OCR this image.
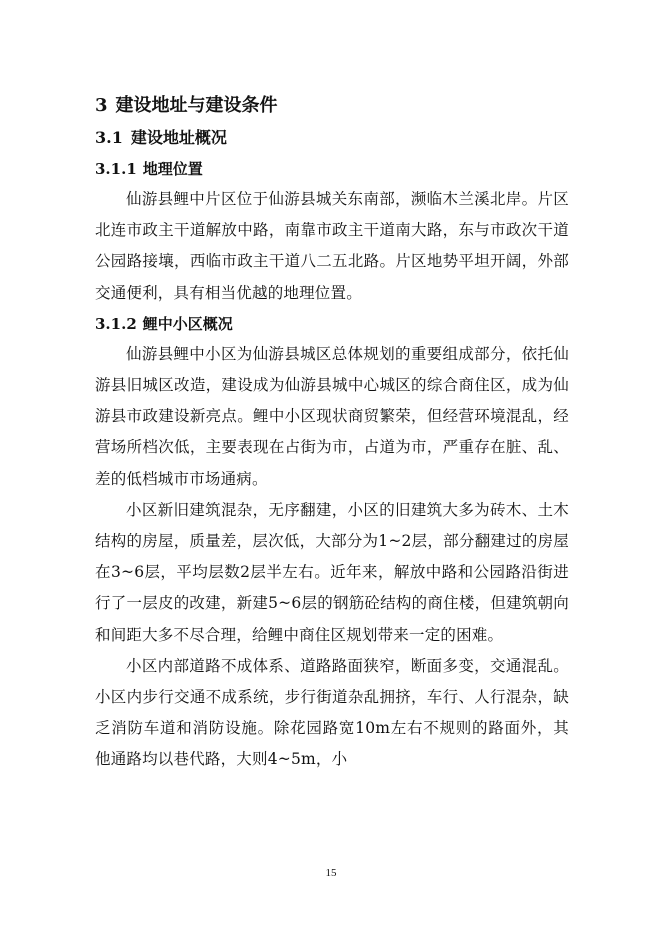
3 建设地址与建设条件
3.1 建设地址概况
3.1.1 地理位置

仙游县鲤中片区位于仙游县城关东南部，濒临木兰溪北岸。片区北连市政主干道解放中路，南靠市政主干道南大路，东与市政次干道公园路接壤，西临市政主干道八二五北路。片区地势平坦开阔，外部交通便利，具有相当优越的地理位置。

3.1.2 鲤中小区概况

仙游县鲤中小区为仙游县城区总体规划的重要组成部分，依托仙游县旧城区改造，建设成为仙游县城中心城区的综合商住区，成为仙游县市政建设新亮点。鲤中小区现状商贸繁荣，但经营环境混乱，经营场所档次低，主要表现在占街为市，占道为市，严重存在脏、乱、差的低档城市市场通病。

小区新旧建筑混杂，无序翻建，小区的旧建筑大多为砖木、土木结构的房屋，质量差，层次低，大部分为1~2层，部分翻建过的房屋在3~6层，平均层数2层半左右。近年来，解放中路和公园路沿街进行了一层皮的改建，新建5~6层的钢筋砼结构的商住楼，但建筑朝向和间距大多不尽合理，给鲤中商住区规划带来一定的困难。

小区内部道路不成体系、道路路面狭窄，断面多变，交通混乱。小区内步行交通不成系统，步行街道杂乱拥挤，车行、人行混杂，缺乏消防车道和消防设施。除花园路宽10m左右不规则的路面外，其他通路均以巷代路，大则4~5m，小

15
